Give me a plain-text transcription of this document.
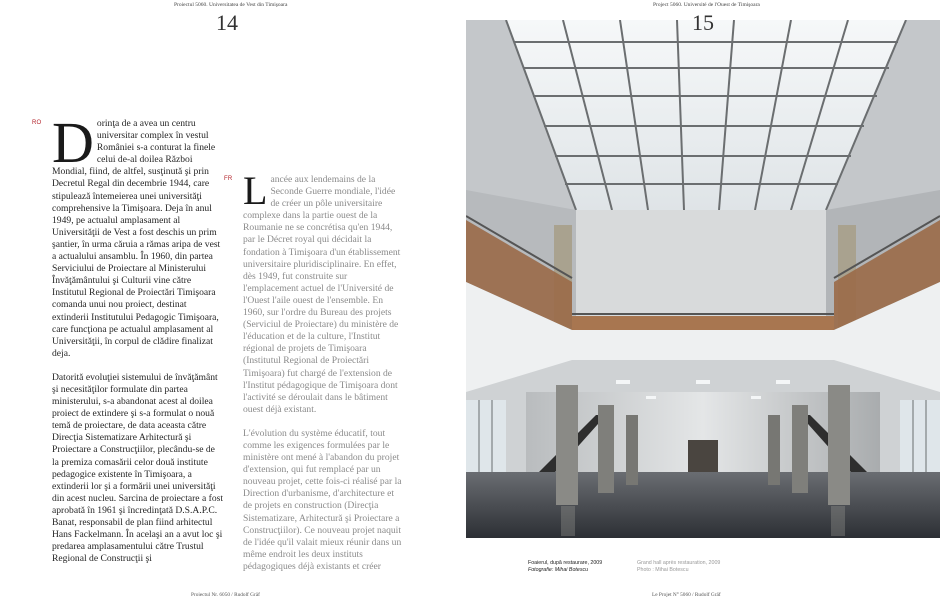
Proiectul 5060. Universitatea de Vest din Timişoara
14
RO Dorinţa de a avea un centru universitar complex în vestul României s-a conturat la finele celui de-al doilea Război Mondial, fiind, de altfel, susţinută şi prin Decretul Regal din decembrie 1944, care stipulează întemeierea unei universităţi comprehensive la Timişoara. Deja în anul 1949, pe actualul amplasament al Universităţii de Vest a fost deschis un prim şantier, în urma căruia a rămas aripa de vest a actualului ansamblu. În 1960, din partea Serviciului de Proiectare al Ministerului Învăţământului şi Culturii vine către Institutul Regional de Proiectări Timişoara comanda unui nou proiect, destinat extinderii Institutului Pedagogic Timişoara, care funcţiona pe actualul amplasament al Universităţii, în corpul de clădire finalizat deja.

Datorită evoluţiei sistemului de învăţământ şi necesităţilor formulate din partea ministerului, s-a abandonat acest al doilea proiect de extindere şi s-a formulat o nouă temă de proiectare, de data aceasta către Direcţia Sistematizare Arhitectură şi Proiectare a Construcţiilor, plecându-se de la premiza comasării celor două institute pedagogice existente în Timişoara, a extinderii lor şi a formării unei universităţi din acest nucleu. Sarcina de proiectare a fost aprobată în 1961 şi încredinţată D.S.A.P.C. Banat, responsabil de plan fiind arhitectul Hans Fackelmann. În acelaşi an a avut loc şi predarea amplasamentului către Trustul Regional de Construcţii şi

FR Lancée aux lendemains de la Seconde Guerre mondiale, l'idée de créer un pôle universitaire complexe dans la partie ouest de la Roumanie ne se concrétisa qu'en 1944, par le Décret royal qui décidait la fondation à Timişoara d'un établissement universitaire pluridisciplinaire. En effet, dès 1949, fut construite sur l'emplacement actuel de l'Université de l'Ouest l'aile ouest de l'ensemble. En 1960, sur l'ordre du Bureau des projets (Serviciul de Proiectare) du ministère de l'éducation et de la culture, l'Institut régional de projets de Timişoara (Institutul Regional de Proiectări Timişoara) fut chargé de l'extension de l'Institut pédagogique de Timişoara dont l'activité se déroulait dans le bâtiment ouest déjà existant.

L'évolution du système éducatif, tout comme les exigences formulées par le ministère ont mené à l'abandon du projet d'extension, qui fut remplacé par un nouveau projet, cette fois-ci réalisé par la Direction d'urbanisme, d'architecture et de projets en construction (Direcţia Sistematizare, Arhitectură şi Proiectare a Construcţiilor). Ce nouveau projet naquit de l'idée qu'il valait mieux réunir dans un même endroit les deux instituts pédagogiques déjà existants et créer

Proiectul Nr. 6050 / Rudolf Gräf
Project 5060. Université de l'Ouest de Timişoara
15
Foaierul, după restaurare, 2009
Fotografie: Mihai Botescu
Grand hall après restauration, 2009
Photo : Mihai Botescu
Le Projet N° 5060 / Rudolf Gräf
